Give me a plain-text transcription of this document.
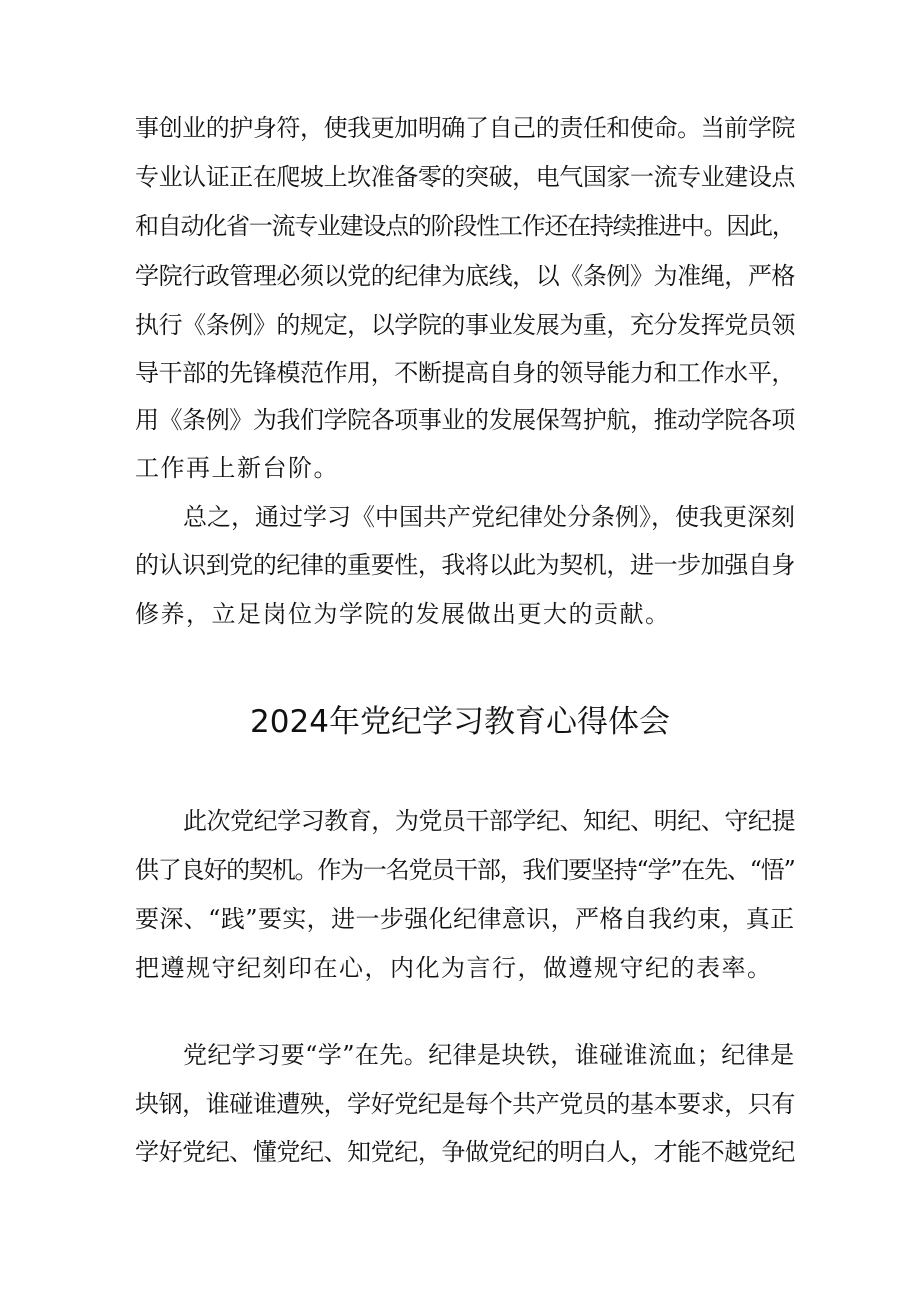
事创业的护身符，使我更加明确了自己的责任和使命。当前学院
专业认证正在爬坡上坎准备零的突破，电气国家一流专业建设点
和自动化省一流专业建设点的阶段性工作还在持续推进中。因此，
学院行政管理必须以党的纪律为底线，以《条例》为准绳，严格
执行《条例》的规定，以学院的事业发展为重，充分发挥党员领
导干部的先锋模范作用，不断提高自身的领导能力和工作水平，
用《条例》为我们学院各项事业的发展保驾护航，推动学院各项
工作再上新台阶。
总之，通过学习《中国共产党纪律处分条例》，使我更深刻
的认识到党的纪律的重要性，我将以此为契机，进一步加强自身
修养，立足岗位为学院的发展做出更大的贡献。
2024年党纪学习教育心得体会
此次党纪学习教育，为党员干部学纪、知纪、明纪、守纪提
供了良好的契机。作为一名党员干部，我们要坚持“学”在先、“悟”
要深、“践”要实，进一步强化纪律意识，严格自我约束，真正
把遵规守纪刻印在心，内化为言行，做遵规守纪的表率。
党纪学习要“学”在先。纪律是块铁，谁碰谁流血；纪律是
块钢，谁碰谁遭殃，学好党纪是每个共产党员的基本要求，只有
学好党纪、懂党纪、知党纪，争做党纪的明白人，才能不越党纪
